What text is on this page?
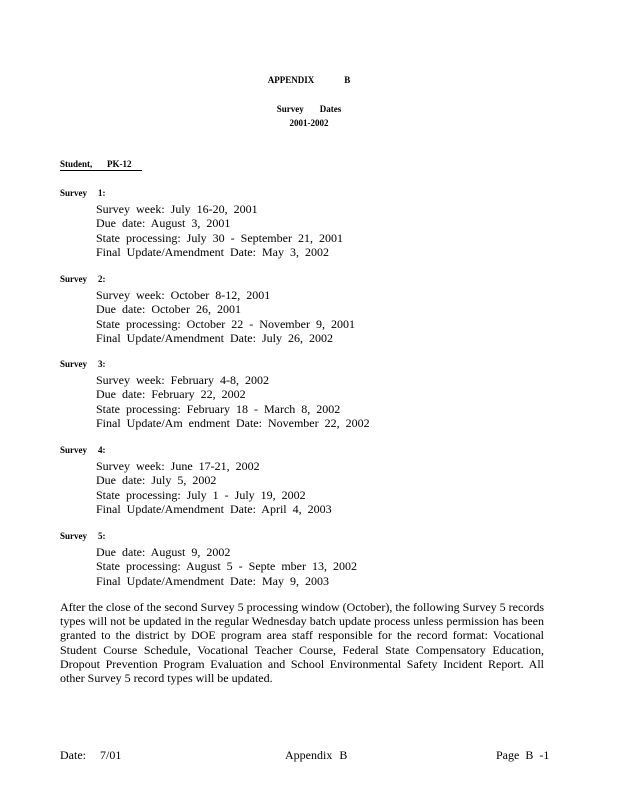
APPENDIX	B
Survey Dates
2001-2002
Student, PK-12
Survey 1:
Survey week: July 16-20, 2001
Due date: August 3, 2001
State processing: July 30 - September 21, 2001
Final Update/Amendment Date: May 3, 2002
Survey 2:
Survey week: October 8-12, 2001
Due date: October 26, 2001
State processing: October 22 - November 9, 2001
Final Update/Amendment Date: July 26, 2002
Survey 3:
Survey week: February 4-8, 2002
Due date: February 22, 2002
State processing: February 18 - March 8, 2002
Final Update/Am endment Date: November 22, 2002
Survey 4:
Survey week: June 17-21, 2002
Due date: July 5, 2002
State processing: July 1 - July 19, 2002
Final Update/Amendment Date: April 4, 2003
Survey 5:
Due date: August 9, 2002
State processing: August 5 - Septe mber 13, 2002
Final Update/Amendment Date: May 9, 2003
After the close of the second Survey 5 processing window (October), the following Survey 5 records types will not be updated in the regular Wednesday batch update process unless permission has been granted to the district by DOE program area staff responsible for the record format: Vocational Student Course Schedule, Vocational Teacher Course, Federal State Compensatory Education, Dropout Prevention Program Evaluation and School Environmental Safety Incident Report. All other Survey 5 record types will be updated.
Date: 7/01	Appendix B	Page B -1
